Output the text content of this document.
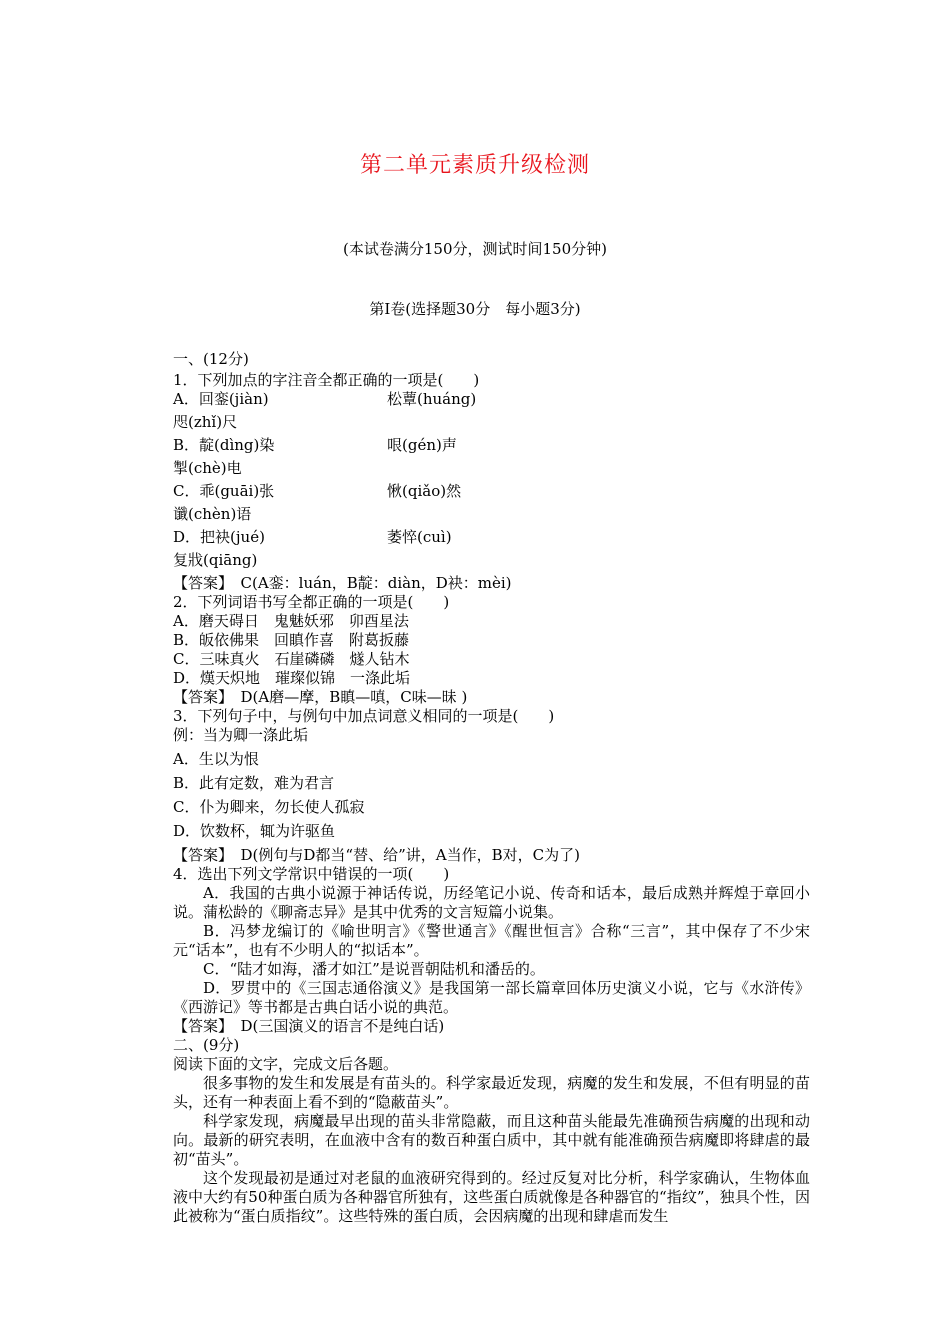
第二单元素质升级检测
(本试卷满分150分，测试时间150分钟)
第Ⅰ卷(选择题30分　每小题3分)
一、(12分)
1．下列加点的字注音全都正确的一项是(　　)
A．回銮(jiàn)	松蕈(huáng)
咫(zhǐ)尺
B．靛(dìng)染	哏(gén)声
掣(chè)电
C．乖(guāi)张	愀(qiǎo)然
谶(chèn)语
D．把袂(jué)	萎悴(cuì)
复戕(qiāng)
【答案】　C(A銮：luán，B靛：diàn，D袂：mèi)
2．下列词语书写全都正确的一项是(　　)
A．磨天碍日　鬼魅妖邪　卯酉星法
B．皈依佛果　回瞋作喜　附葛扳藤
C．三味真火　石崖磷磷　燧人钻木
D．熯天炽地　璀璨似锦　一涤此垢
【答案】　D(A磨—摩，B瞋—嗔，C味—昧 )
3．下列句子中，与例句中加点词意义相同的一项是(　　)
例：当为卿一涤此垢
A．生以为恨
B．此有定数，难为君言
C．仆为卿来，勿长使人孤寂
D．饮数杯，辄为许驱鱼
【答案】　D(例句与D都当“替、给”讲，A当作，B对，C为了)
4．选出下列文学常识中错误的一项(　　)
A．我国的古典小说源于神话传说，历经笔记小说、传奇和话本，最后成熟并辉煌于章回小说。蒲松龄的《聊斋志异》是其中优秀的文言短篇小说集。
B．冯梦龙编订的《喻世明言》《警世通言》《醒世恒言》合称“三言”，其中保存了不少宋元“话本”，也有不少明人的“拟话本”。
C．“陆才如海，潘才如江”是说晋朝陆机和潘岳的。
D．罗贯中的《三国志通俗演义》是我国第一部长篇章回体历史演义小说，它与《水浒传》《西游记》等书都是古典白话小说的典范。
【答案】　D(三国演义的语言不是纯白话)
二、(9分)
阅读下面的文字，完成文后各题。
很多事物的发生和发展是有苗头的。科学家最近发现，病魔的发生和发展，不但有明显的苗头，还有一种表面上看不到的“隐蔽苗头”。
科学家发现，病魔最早出现的苗头非常隐蔽，而且这种苗头能最先准确预告病魔的出现和动向。最新的研究表明，在血液中含有的数百种蛋白质中，其中就有能准确预告病魔即将肆虐的最初“苗头”。
这个发现最初是通过对老鼠的血液研究得到的。经过反复对比分析，科学家确认，生物体血液中大约有50种蛋白质为各种器官所独有，这些蛋白质就像是各种器官的“指纹”，独具个性，因此被称为“蛋白质指纹”。这些特殊的蛋白质，会因病魔的出现和肆虐而发生
